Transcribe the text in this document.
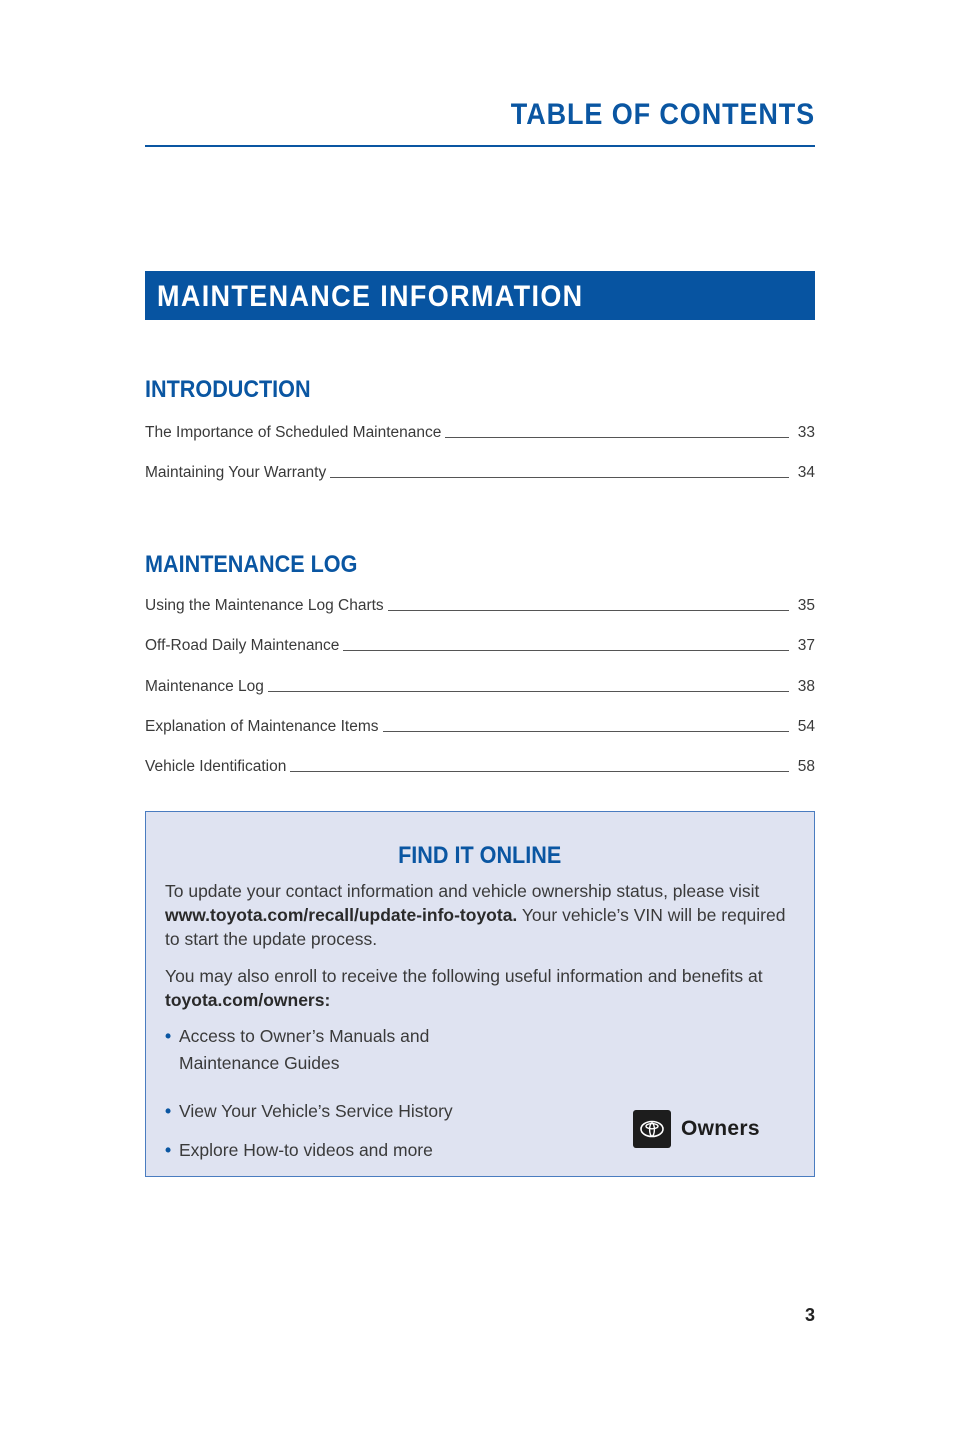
TABLE OF CONTENTS
MAINTENANCE INFORMATION
INTRODUCTION
The Importance of Scheduled Maintenance	33
Maintaining Your Warranty	34
MAINTENANCE LOG
Using the Maintenance Log Charts	35
Off-Road Daily Maintenance	37
Maintenance Log	38
Explanation of Maintenance Items	54
Vehicle Identification	58
FIND IT ONLINE

To update your contact information and vehicle ownership status, please visit www.toyota.com/recall/update-info-toyota. Your vehicle’s VIN will be required to start the update process.

You may also enroll to receive the following useful information and benefits at toyota.com/owners:

• Access to Owner’s Manuals and
Maintenance Guides
• View Your Vehicle’s Service History
• Explore How-to videos and more
Owners
3
